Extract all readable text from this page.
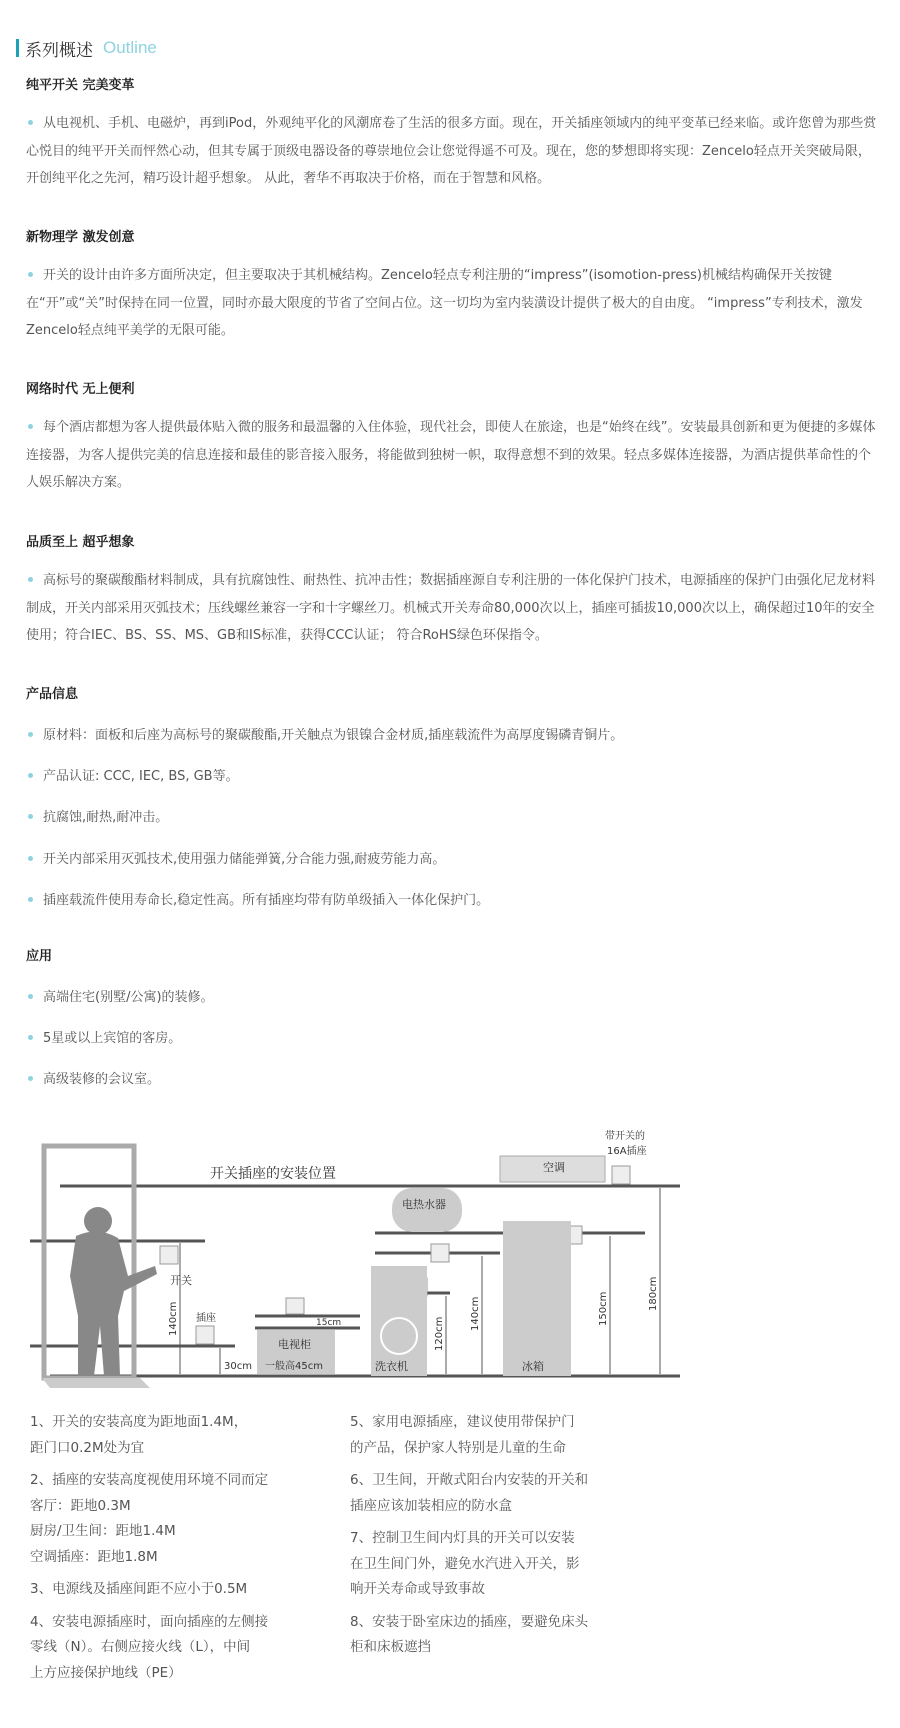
系列概述 Outline
纯平开关 完美变革
从电视机、手机、电磁炉，再到iPod，外观纯平化的风潮席卷了生活的很多方面。现在，开关插座领域内的纯平变革已经来临。或许您曾为那些赏心悦目的纯平开关而怦然心动，但其专属于顶级电器设备的尊崇地位会让您觉得遥不可及。现在，您的梦想即将实现：Zencelo轻点开关突破局限，开创纯平化之先河，精巧设计超乎想象。 从此，奢华不再取决于价格，而在于智慧和风格。
新物理学 激发创意
开关的设计由许多方面所决定，但主要取决于其机械结构。Zencelo轻点专利注册的“impress”(isomotion-press)机械结构确保开关按键在“开”或“关”时保持在同一位置，同时亦最大限度的节省了空间占位。这一切均为室内装潢设计提供了极大的自由度。 “impress”专利技术，激发Zencelo轻点纯平美学的无限可能。
网络时代 无上便利
每个酒店都想为客人提供最体贴入微的服务和最温馨的入住体验，现代社会，即使人在旅途，也是“始终在线”。安装最具创新和更为便捷的多媒体连接器，为客人提供完美的信息连接和最佳的影音接入服务，将能做到独树一帜，取得意想不到的效果。轻点多媒体连接器，为酒店提供革命性的个人娱乐解决方案。
品质至上 超乎想象
高标号的聚碳酸酯材料制成，具有抗腐蚀性、耐热性、抗冲击性；数据插座源自专利注册的一体化保护门技术，电源插座的保护门由强化尼龙材料制成，开关内部采用灭弧技术；压线螺丝兼容一字和十字螺丝刀。机械式开关寿命80,000次以上，插座可插拔10,000次以上，确保超过10年的安全使用；符合IEC、BS、SS、MS、GB和IS标准，获得CCC认证； 符合RoHS绿色环保指令。
产品信息
原材料：面板和后座为高标号的聚碳酸酯,开关触点为银镍合金材质,插座载流件为高厚度锡磷青铜片。
产品认证: CCC, IEC, BS, GB等。
抗腐蚀,耐热,耐冲击。
开关内部采用灭弧技术,使用强力储能弹簧,分合能力强,耐疲劳能力高。
插座载流件使用寿命长,稳定性高。所有插座均带有防单级插入一体化保护门。
应用
高端住宅(别墅/公寓)的装修。
5星或以上宾馆的客房。
高级装修的会议室。
开关插座的安装位置
开关
插座
30cm
140cm	15cm
电视柜
一般高45cm	洗衣机
120cm
140cm
冰箱
150cm	180cm
电热水器
空调
带开关的
16A插座
1、开关的安装高度为距地面1.4M，
距门口0.2M处为宜
2、插座的安装高度视使用环境不同而定
客厅：距地0.3M
厨房/卫生间：距地1.4M
空调插座：距地1.8M
3、电源线及插座间距不应小于0.5M
4、安装电源插座时，面向插座的左侧接
零线（N）。右侧应接火线（L），中间
上方应接保护地线（PE）
5、家用电源插座，建议使用带保护门
的产品，保护家人特别是儿童的生命
6、卫生间，开敞式阳台内安装的开关和
插座应该加装相应的防水盒
7、控制卫生间内灯具的开关可以安装
在卫生间门外，避免水汽进入开关，影
响开关寿命或导致事故
8、安装于卧室床边的插座，要避免床头
柜和床板遮挡
